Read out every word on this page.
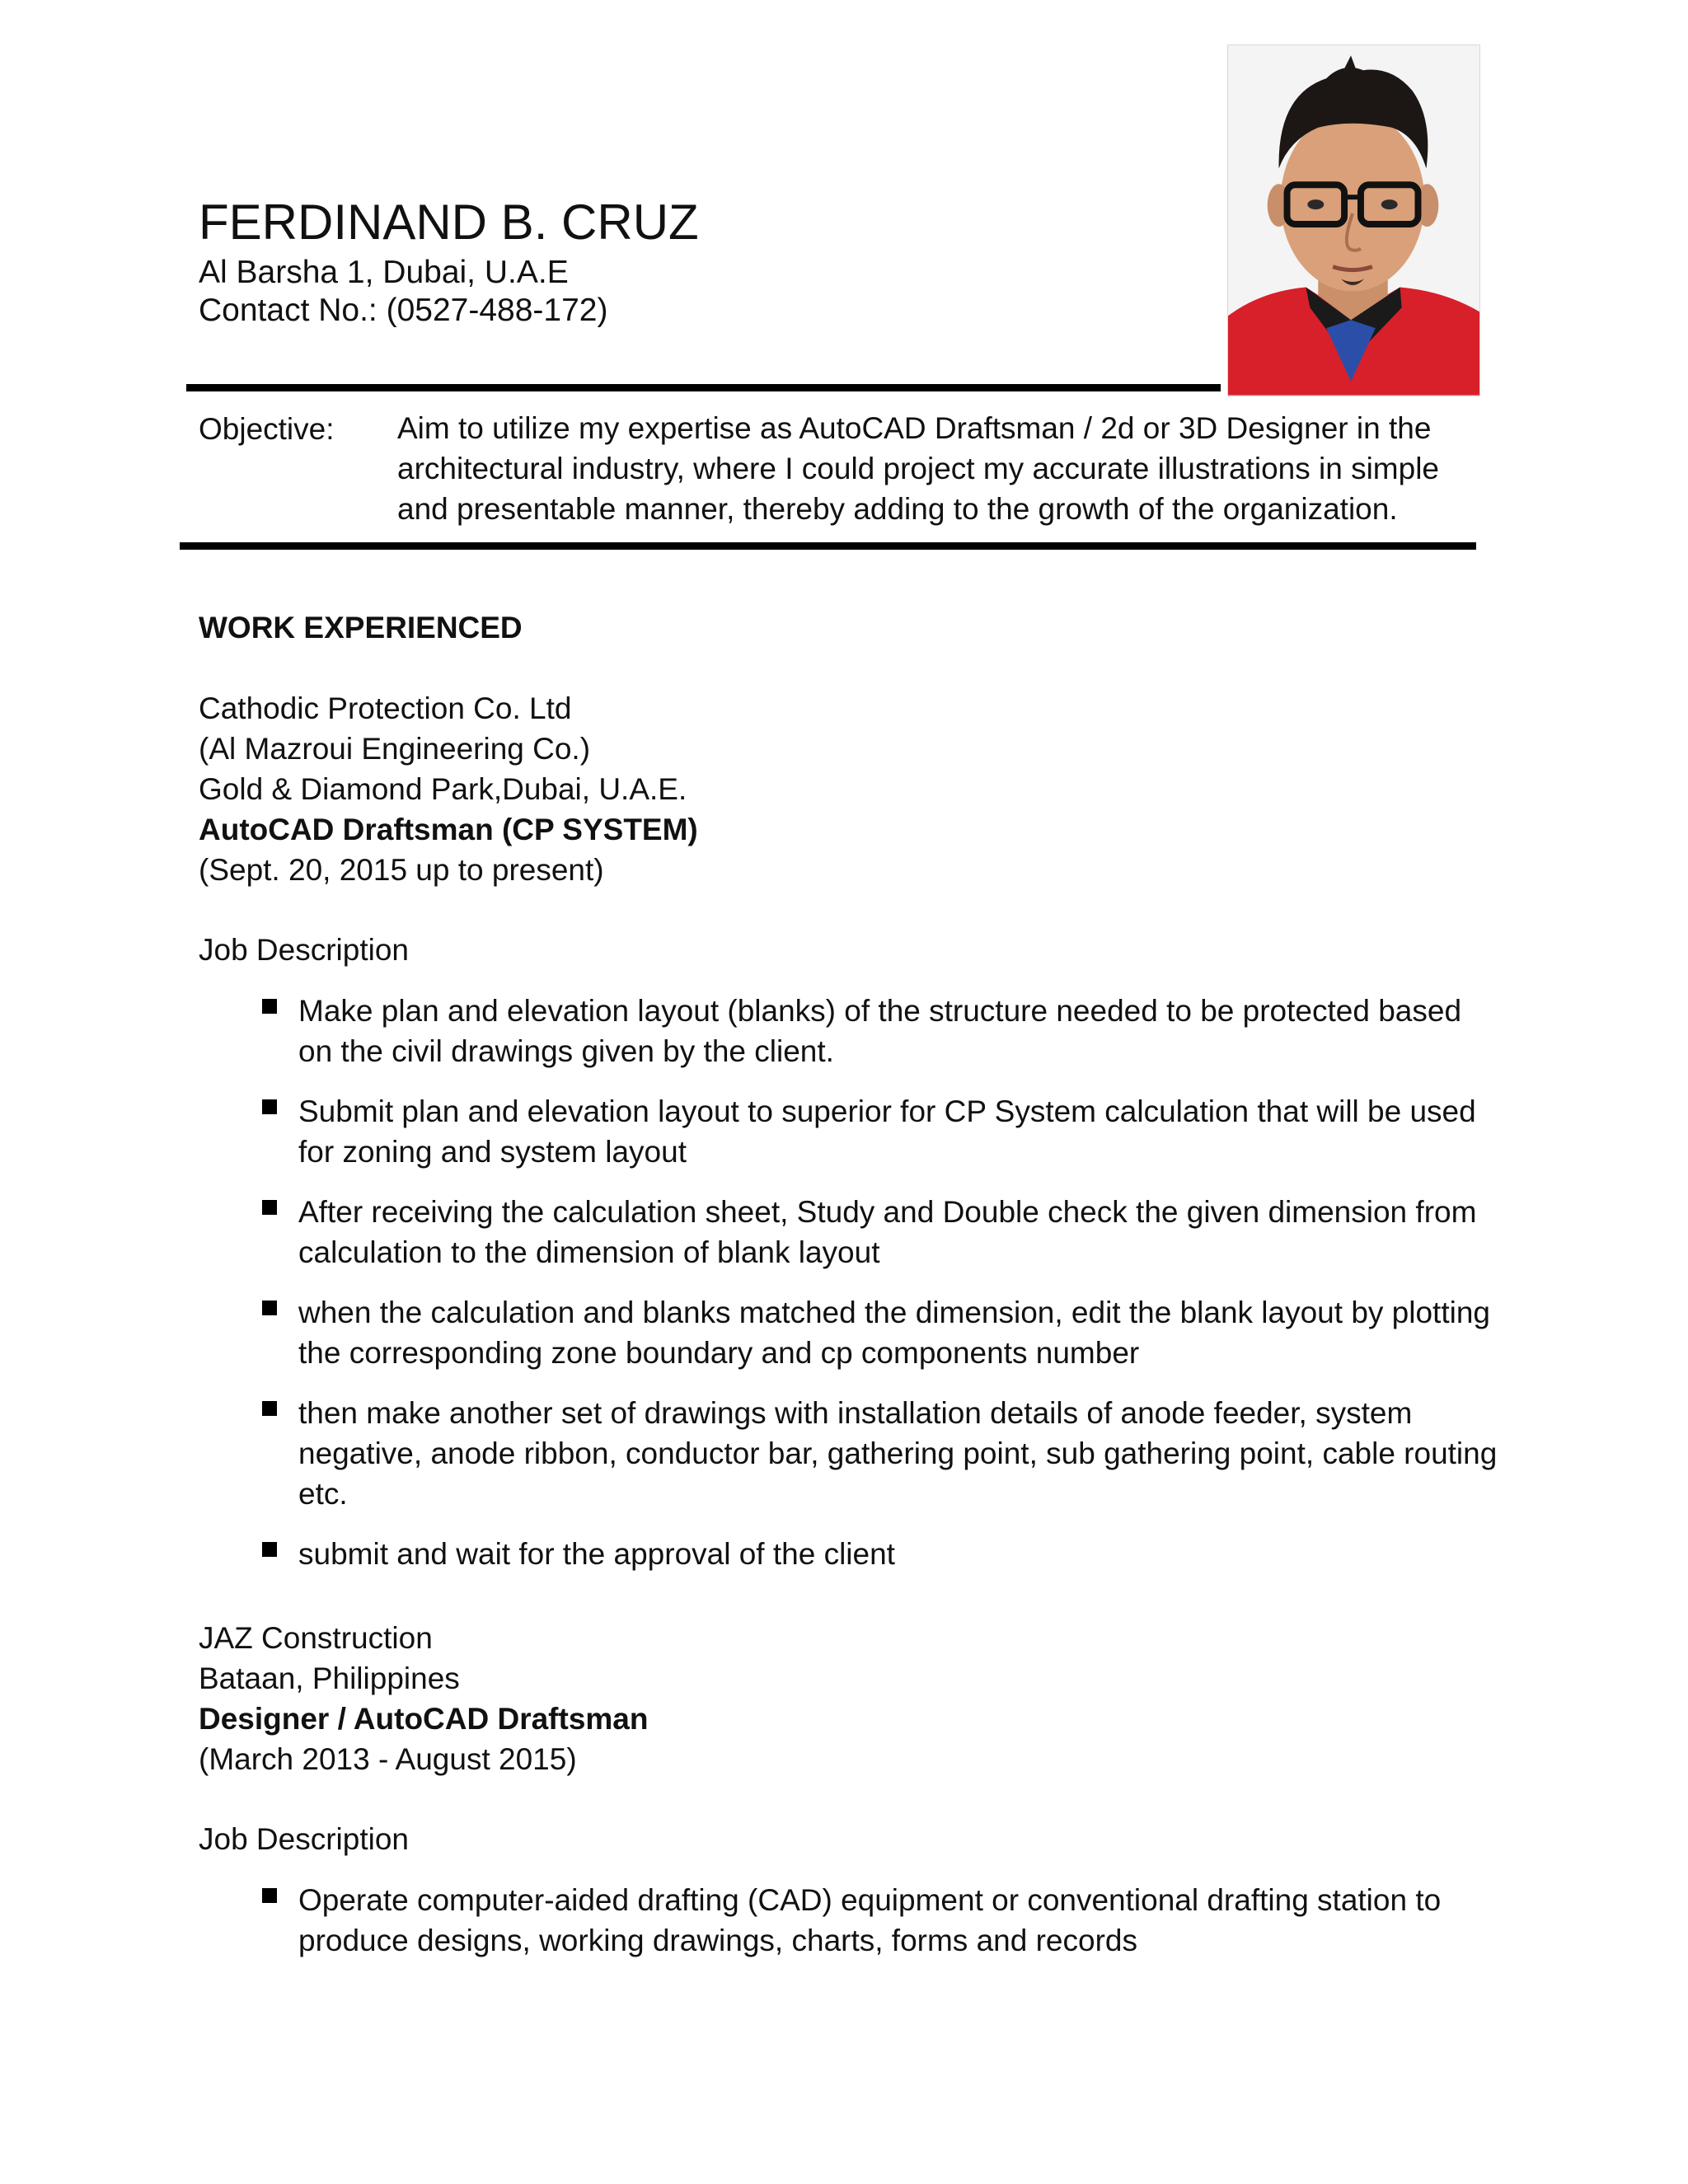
FERDINAND B. CRUZ
Al Barsha 1, Dubai, U.A.E
Contact No.: (0527-488-172)
Objective: Aim to utilize my expertise as AutoCAD Draftsman / 2d or 3D Designer in the architectural industry, where I could project my accurate illustrations in simple and presentable manner, thereby adding to the growth of the organization.
WORK EXPERIENCED
Cathodic Protection Co. Ltd
(Al Mazroui Engineering Co.)
Gold & Diamond Park,Dubai, U.A.E.
AutoCAD Draftsman (CP SYSTEM)
(Sept. 20, 2015 up to present)
Job Description
Make plan and elevation layout (blanks) of the structure needed to be protected based on the civil drawings given by the client.
Submit plan and elevation layout to superior for CP System calculation that will be used for zoning and system layout
After receiving the calculation sheet, Study and Double check the given dimension from calculation to the dimension of blank layout
when the calculation and blanks matched the dimension, edit the blank layout by plotting the corresponding zone boundary and cp components number
then make another set of drawings with installation details of anode feeder, system negative, anode ribbon, conductor bar, gathering point, sub gathering point, cable routing etc.
submit and wait for the approval of the client
JAZ Construction
Bataan, Philippines
Designer / AutoCAD Draftsman
(March 2013 - August 2015)
Job Description
Operate computer-aided drafting (CAD) equipment or conventional drafting station to produce designs, working drawings, charts, forms and records
